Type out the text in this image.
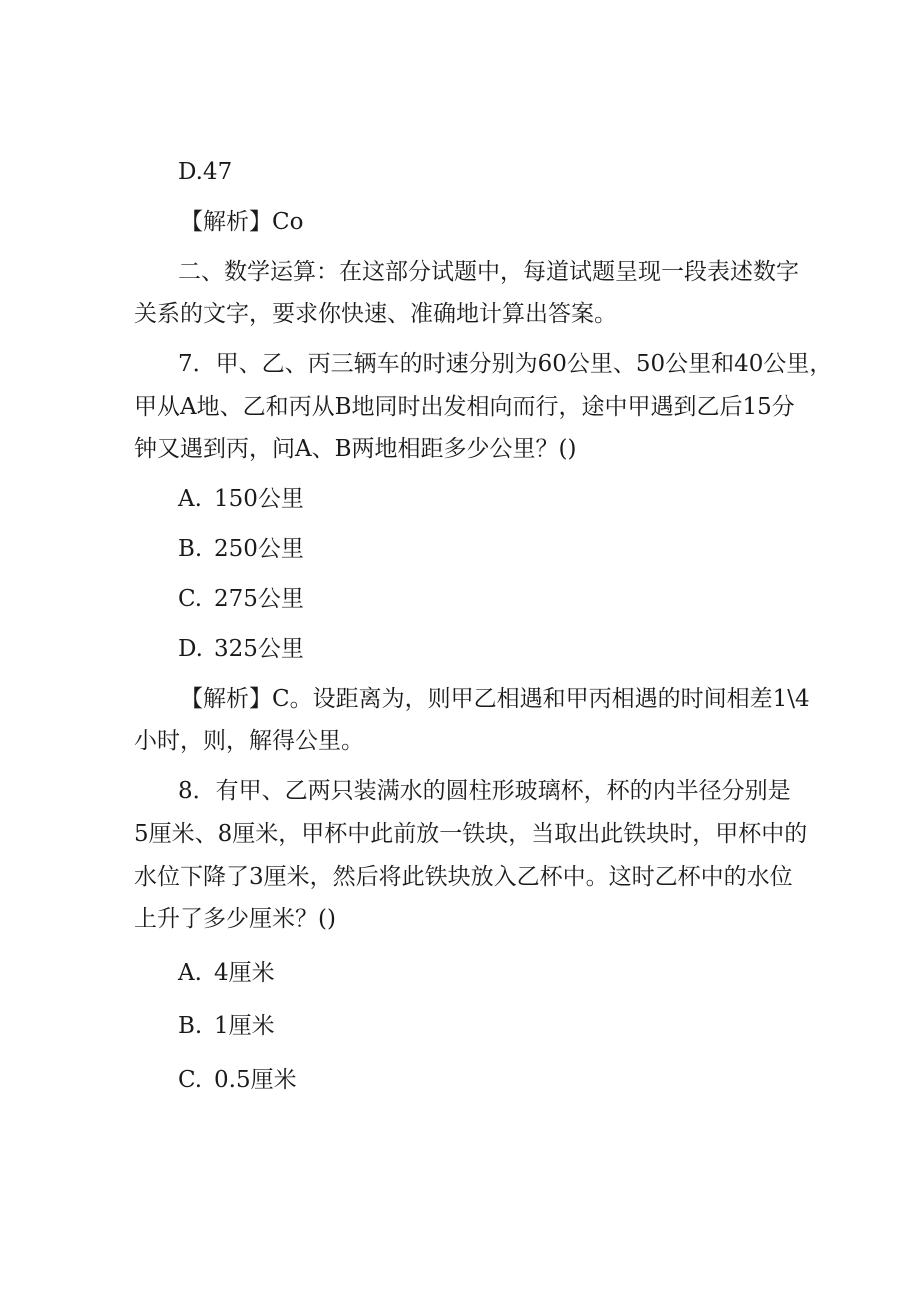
D.47
【解析】Co
二、数学运算：在这部分试题中，每道试题呈现一段表述数字
关系的文字，要求你快速、准确地计算出答案。
7．甲、乙、丙三辆车的时速分别为60公里、50公里和40公里，
甲从A地、乙和丙从B地同时出发相向而行，途中甲遇到乙后15分
钟又遇到丙，问A、B两地相距多少公里？()
A. 150公里
B. 250公里
C. 275公里
D. 325公里
【解析】C。设距离为，则甲乙相遇和甲丙相遇的时间相差1\4
小时，则，解得公里。
8．有甲、乙两只装满水的圆柱形玻璃杯，杯的内半径分别是
5厘米、8厘米，甲杯中此前放一铁块，当取出此铁块时，甲杯中的
水位下降了3厘米，然后将此铁块放入乙杯中。这时乙杯中的水位
上升了多少厘米？()
A. 4厘米
B. 1厘米
C. 0.5厘米
